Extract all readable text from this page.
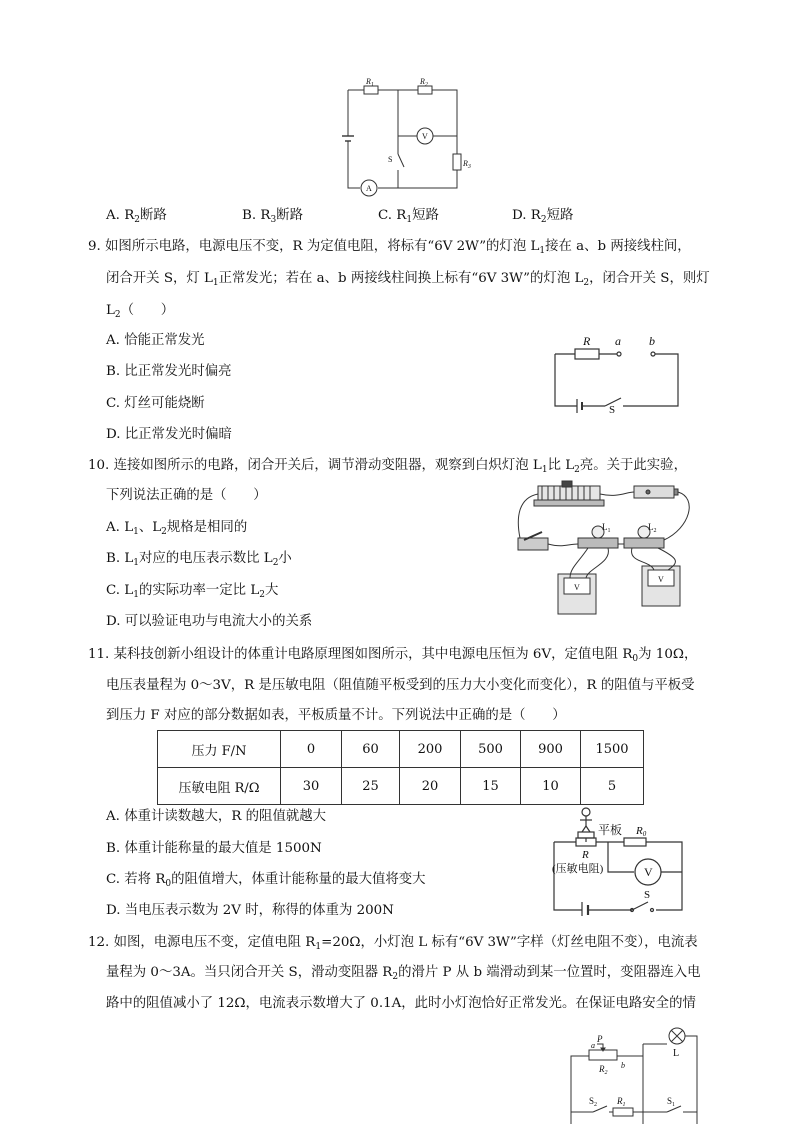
$R_1$	$R_2$
$R_3$
V
A
S
A. $R_2$断路	B. $R_3$断路	C. $R_1$短路	D. $R_2$短路
9. 如图所示电路，电源电压不变，R 为定值电阻，将标有“6V 2W”的灯泡 $L_1$接在 a、b 两接线柱间，
闭合开关 S，灯 $L_1$正常发光；若在 a、b 两接线柱间换上标有“6V 3W”的灯泡 $L_2$，闭合开关 S，则灯
$L_2$（　　）
A. 恰能正常发光
B. 比正常发光时偏亮
C. 灯丝可能烧断
D. 比正常发光时偏暗
R a b
S
10. 连接如图所示的电路，闭合开关后，调节滑动变阻器，观察到白炽灯泡 $L_1$比 $L_2$亮。关于此实验，
下列说法正确的是（　　）
A. $L_1$、$L_2$规格是相同的
B. $L_1$对应的电压表示数比 $L_2$小
C. $L_1$的实际功率一定比 $L_2$大
D. 可以验证电功与电流大小的关系
$L_1$	$L_2$
V
V
11. 某科技创新小组设计的体重计电路原理图如图所示，其中电源电压恒为 6V，定值电阻 $R_0$为 10Ω，
电压表量程为 0～3V，R 是压敏电阻（阻值随平板受到的压力大小变化而变化），R 的阻值与平板受
到压力 F 对应的部分数据如表，平板质量不计。下列说法中正确的是（　　）
压力 F/N	0	60	200	500	900	1500
压敏电阻 R/Ω	30	25	20	15	10	5
A. 体重计读数越大，R 的阻值就越大
B. 体重计能称量的最大值是 1500N
C. 若将 $R_0$的阻值增大，体重计能称量的最大值将变大
D. 当电压表示数为 2V 时，称得的体重为 200N
平板 R0
R
(压敏电阻)	V
S
12. 如图，电源电压不变，定值电阻 $R_1=20\Omega$，小灯泡 L 标有“6V 3W”字样（灯丝电阻不变），电流表
量程为 0～3A。当只闭合开关 S，滑动变阻器 $R_2$的滑片 P 从 b 端滑动到某一位置时，变阻器连入电
路中的阻值减小了 12Ω，电流表示数增大了 0.1A，此时小灯泡恰好正常发光。在保证电路安全的情
P
a
b
$R_2$
L
$S_2$ $R_1$	$S_1$
